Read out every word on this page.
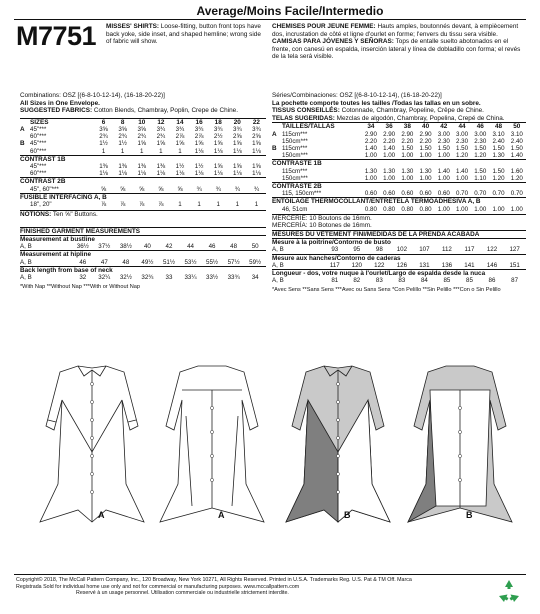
Average/Moins Facile/Intermedio
M7751 MISSES' SHIRTS: Loose-fitting, button front tops have back yoke, side inset, and shaped hemline; wrong side of fabric will show.
CHEMISES POUR JEUNE FEMME: Hauts amples, boutonnés devant, à empiècement dos, incrustation de côté et ligne d'ourlet en forme; l'envers du tissu sera visible.
CAMISAS PARA JÓVENES Y SEÑORAS: Tops de entalle suelto abotonados en el frente, con canesú en espalda, inserción lateral y línea de dobladillo con forma; el revés de la tela será visible.
Combinations: OSZ [(6-8-10-12-14), (16-18-20-22)]
All Sizes in One Envelope.
SUGGESTED FABRICS: Cotton Blends, Chambray, Poplin, Crepe de Chine.
	SIZES	6	8	10	12	14	16	18	20	22
A	45"***	3⅝	3⅝	3⅝	3¾	3¾	3¾	3¾	3¾	3¾
	60"***	2¾	2¾	2¾	2¾	2⅞	2⅞	2½	2⅝	2⅝
B	45"***	1½	1½	1⅝	1⅝	1⅝	1⅝	1⅝	1⅝	1⅝
	60"***	1	1	1	1	1	1⅛	1⅛	1⅛	1⅛
CONTRAST 1B										
	45"***	1⅜	1⅜	1⅜	1⅜	1½	1½	1⅝	1⅝	1⅝
	60"***	1⅛	1⅛	1⅛	1⅛	1⅛	1⅛	1⅛	1⅛	1⅛
CONTRAST 2B										
	45", 60"***	⅝	⅝	⅝	⅝	⅝	¾	¾	¾	¾
FUSIBLE INTERFACING A, B										
	18", 20"	⅞	⅞	⅞	⅞	1	1	1	1	1
NOTIONS: Ten ⅝" Buttons.
FINISHED GARMENT MEASUREMENTS									
Measurement at bustline									
A, B	36½	37½	38½	40	42	44	46	48	50
Measurement at hipline									
A, B	46	47	48	49½	51½	53½	55½	57½	59½
Back length from base of neck									
A, B	32	32¼	32½	32¾	33	33¼	33½	33¾	34
*With Nap **Without Nap ***With or Without Nap
Séries/Combinaciones: OSZ [(6-8-10-12-14), (16-18-20-22)]
La pochette comporte toutes les tailles /Todas las tallas en un sobre.
TISSUS CONSEILLÉS: Cotonnade, Chambray, Popeline, Crêpe de Chine.
TELAS SUGERIDAS: Mezclas de algodón, Chambray, Popelina, Crepé de China.
	TAILLES/TALLAS	34	36	38	40	42	44	46	48	50
A	115cm***	2.90	2.90	2.90	2.90	3.00	3.00	3.00	3.10	3.10
	150cm***	2.20	2.20	2.20	2.20	2.30	2.30	2.30	2.40	2.40
B	115cm***	1.40	1.40	1.50	1.50	1.50	1.50	1.50	1.50	1.50
	150cm***	1.00	1.00	1.00	1.00	1.00	1.20	1.20	1.30	1.40
CONTRASTE 1B										
	115cm***	1.30	1.30	1.30	1.30	1.40	1.40	1.50	1.50	1.60
	150cm***	1.00	1.00	1.00	1.00	1.00	1.00	1.10	1.20	1.20
CONTRASTE 2B										
	115, 150cm***	0.60	0.60	0.60	0.60	0.60	0.70	0.70	0.70	0.70
ENTOILAGE THERMOCOLLANT/ENTRETELA TERMOADHESIVA A, B										
	46, 51cm	0.80	0.80	0.80	0.80	1.00	1.00	1.00	1.00	1.00
MERCERIE: 10 Boutons de 16mm.
MERCERÍA: 10 Botones de 16mm.
MESURES DU VÊTEMENT FINI/MEDIDAS DE LA PRENDA ACABADA									
Mesure à la poitrine/Contorno de busto									
A, B	93	95	98	102	107	112	117	122	127
Mesure aux hanches/Contorno de caderas									
A, B	117	120	122	126	131	136	141	146	151
Longueur - dos, votre nuque à l'ourlet/Largo de espalda desde la nuca									
A, B	81	82	83	83	84	85	85	86	87
*Avec Sens **Sans Sens ***Avec ou Sans Sens *Con Pelillo **Sin Pelillo ***Con o Sin Pelillo
A	A	B	B
Copyright© 2018, The McCall Pattern Company, Inc., 120 Broadway, New York 10271, All Rights Reserved. Printed in U.S.A. Trademarks Reg. U.S. Pat & TM Off. Marca
Registrada Sold for individual home use only and not for commercial or manufacturing purposes. www.mccallpattern.com
Reservé à un usage personnel. Utilisation commerciale ou industrielle strictement interdite.
